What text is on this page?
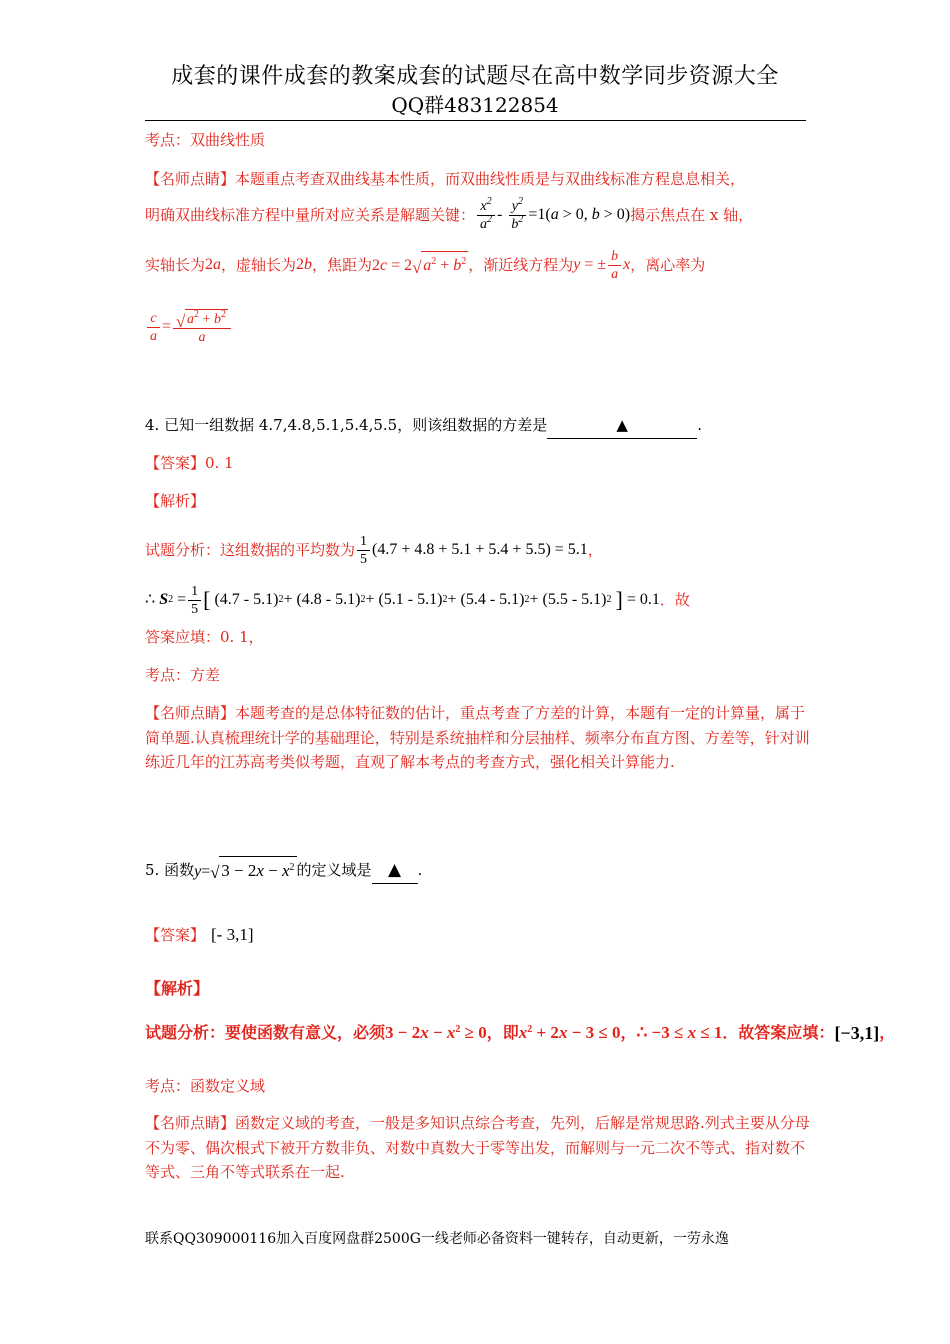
成套的课件成套的教案成套的试题尽在高中数学同步资源大全
QQ群483122854
考点：双曲线性质
【名师点睛】本题重点考查双曲线基本性质，而双曲线性质是与双曲线标准方程息息相关，
明确双曲线标准方程中量所对应关系是解题关键： $\frac{x^2}{a^2} - \frac{y^2}{b^2} =1(a > 0$, b > 0) 揭示焦点在 x 轴，
实轴长为 2a ，虚轴长为 2b ，焦距为 2c = 2 √ $a^2 + b^2$ ，渐近线方程为 y = ± $\frac{b}{a}$ x ，离心率为
$\frac{c}{a} = \frac{√ a^2 + b^2}{a}$
4. 已知一组数据 4.7,4.8,5.1,5.4,5.5，则该组数据的方差是	▲	.
【答案】0. 1
【解析】
试题分析：这组数据的平均数为 $\frac{1}{5} (4.7 + 4.8 + 5.1 + 5.4 + 5.5) = 5.1$ ，
∴ S $2 = \frac{1}{5}$ [ (4.7 - 5.1) 2 + (4.8 - 5.1) 2 + (5.1 - 5.1) 2 + (5.4 - 5.1) 2 + (5.5 - 5.1) 2
] = 0.1 ．故
答案应填：0. 1，
考点：方差
【名师点睛】本题考查的是总体特征数的估计，重点考查了方差的计算，本题有一定的计算量，属于简单题.认真梳理统计学的基础理论，特别是系统抽样和分层抽样、频率分布直方图、方差等，针对训练近几年的江苏高考类似考题，直观了解本考点的考查方式，强化相关计算能力.
5. 函数 y= √ $3 - 2x - x^2$ 的定义域是 ▲	.
【答案】 [- 3,1]
【解析】
试题分析：要使函数有意义，必须 $3 - 2x - x^2 \ge 0$ ，即 $x^2 + 2x - 3 \le 0$ ， ∴ −3 ≤ x ≤ 1 ．故答案应填： [−3,1] ，
考点：函数定义域
【名师点睛】函数定义域的考查，一般是多知识点综合考查，先列，后解是常规思路.列式主要从分母不为零、偶次根式下被开方数非负、对数中真数大于零等出发，而解则与一元二次不等式、指对数不等式、三角不等式联系在一起.
联系QQ309000116加入百度网盘群2500G一线老师必备资料一键转存，自动更新，一劳永逸
